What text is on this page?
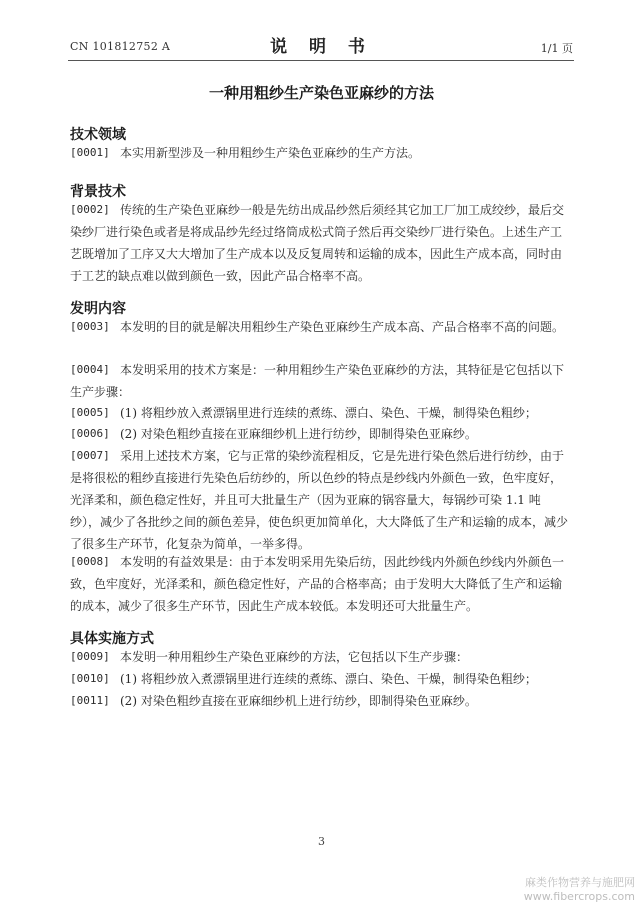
CN 101812752 A	说 明 书	1/1 页
一种用粗纱生产染色亚麻纱的方法
技术领域
[0001] 本实用新型涉及一种用粗纱生产染色亚麻纱的生产方法。
背景技术
[0002] 传统的生产染色亚麻纱一般是先纺出成品纱然后须经其它加工厂加工成绞纱，最后交染纱厂进行染色或者是将成品纱先经过络筒成松式筒子然后再交染纱厂进行染色。上述生产工艺既增加了工序又大大增加了生产成本以及反复周转和运输的成本，因此生产成本高，同时由于工艺的缺点难以做到颜色一致，因此产品合格率不高。
发明内容
[0003] 本发明的目的就是解决用粗纱生产染色亚麻纱生产成本高、产品合格率不高的问题。
[0004] 本发明采用的技术方案是：一种用粗纱生产染色亚麻纱的方法，其特征是它包括以下生产步骤：
[0005] (1) 将粗纱放入煮漂锅里进行连续的煮练、漂白、染色、干燥，制得染色粗纱；
[0006] (2) 对染色粗纱直接在亚麻细纱机上进行纺纱，即制得染色亚麻纱。
[0007] 采用上述技术方案，它与正常的染纱流程相反，它是先进行染色然后进行纺纱，由于是将很松的粗纱直接进行先染色后纺纱的，所以色纱的特点是纱线内外颜色一致，色牢度好，光泽柔和，颜色稳定性好，并且可大批量生产（因为亚麻的锅容量大，每锅纱可染 1.1 吨纱），减少了各批纱之间的颜色差异，使色织更加简单化，大大降低了生产和运输的成本，减少了很多生产环节，化复杂为简单，一举多得。
[0008] 本发明的有益效果是：由于本发明采用先染后纺，因此纱线内外颜色纱线内外颜色一致，色牢度好，光泽柔和，颜色稳定性好，产品的合格率高；由于发明大大降低了生产和运输的成本，减少了很多生产环节，因此生产成本较低。本发明还可大批量生产。
具体实施方式
[0009] 本发明一种用粗纱生产染色亚麻纱的方法，它包括以下生产步骤：
[0010] (1) 将粗纱放入煮漂锅里进行连续的煮练、漂白、染色、干燥，制得染色粗纱；
[0011] (2) 对染色粗纱直接在亚麻细纱机上进行纺纱，即制得染色亚麻纱。
3
麻类作物营养与施肥网
www.fibercrops.com
